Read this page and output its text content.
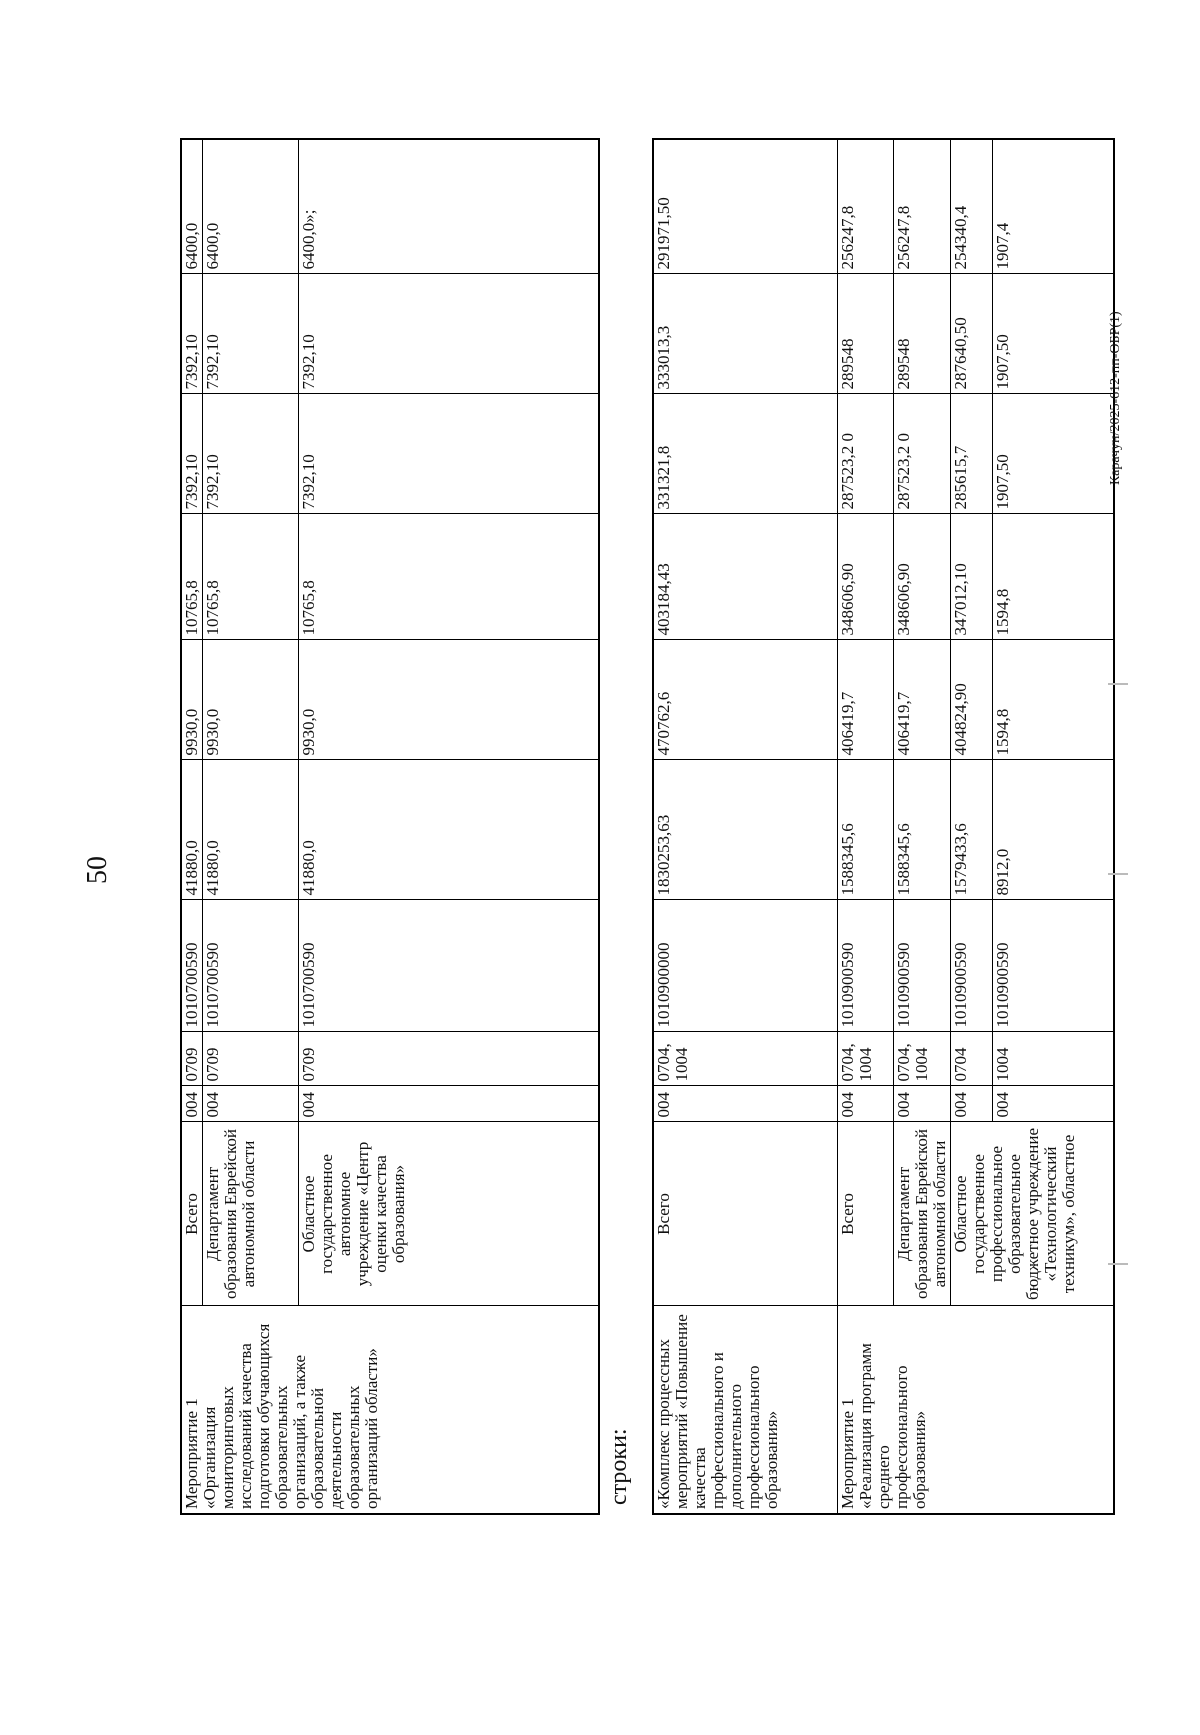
50
Мероприятие 1 «Организация мониторинговых исследований качества подготовки обучающихся образовательных организаций, а также образовательной деятельности образовательных организаций области»	Всего	004	0709	1010700590	41880,0	9930,0	10765,8	7392,10	7392,10	6400,0
	Департамент образования Еврейской автономной области	004	0709	1010700590	41880,0	9930,0	10765,8	7392,10	7392,10	6400,0
	Областное государственное автономное учреждение «Центр оценки качества образования»	004	0709	1010700590	41880,0	9930,0	10765,8	7392,10	7392,10	6400,0»;
строки: «Комплекс процессных мероприятий «Повышение качества профессионального и дополнительного профессионального образования»	Всего	004	0704, 1004	1010900000	1830253,63	470762,6	403184,43	331321,8	333013,3	291971,50
Мероприятие 1 «Реализация программ среднего профессионального образования»	Всего	004	0704, 1004	1010900590	1588345,6	406419,7	348606,90	287523,2 0	289548	256247,8
	Департамент образования Еврейской автономной области	004	0704, 1004	1010900590	1588345,6	406419,7	348606,90	287523,2 0	289548	256247,8
	Областное государственное профессиональное образовательное бюджетное учреждение «Технологический техникум», областное	004	0704	1010900590	1579433,6	404824,90	347012,10	285615,7	287640,50	254340,4
		004	1004	1010900590	8912,0	1594,8	1594,8	1907,50	1907,50	1907,4
Карачун/2025-612-пп-ОБР(1)
